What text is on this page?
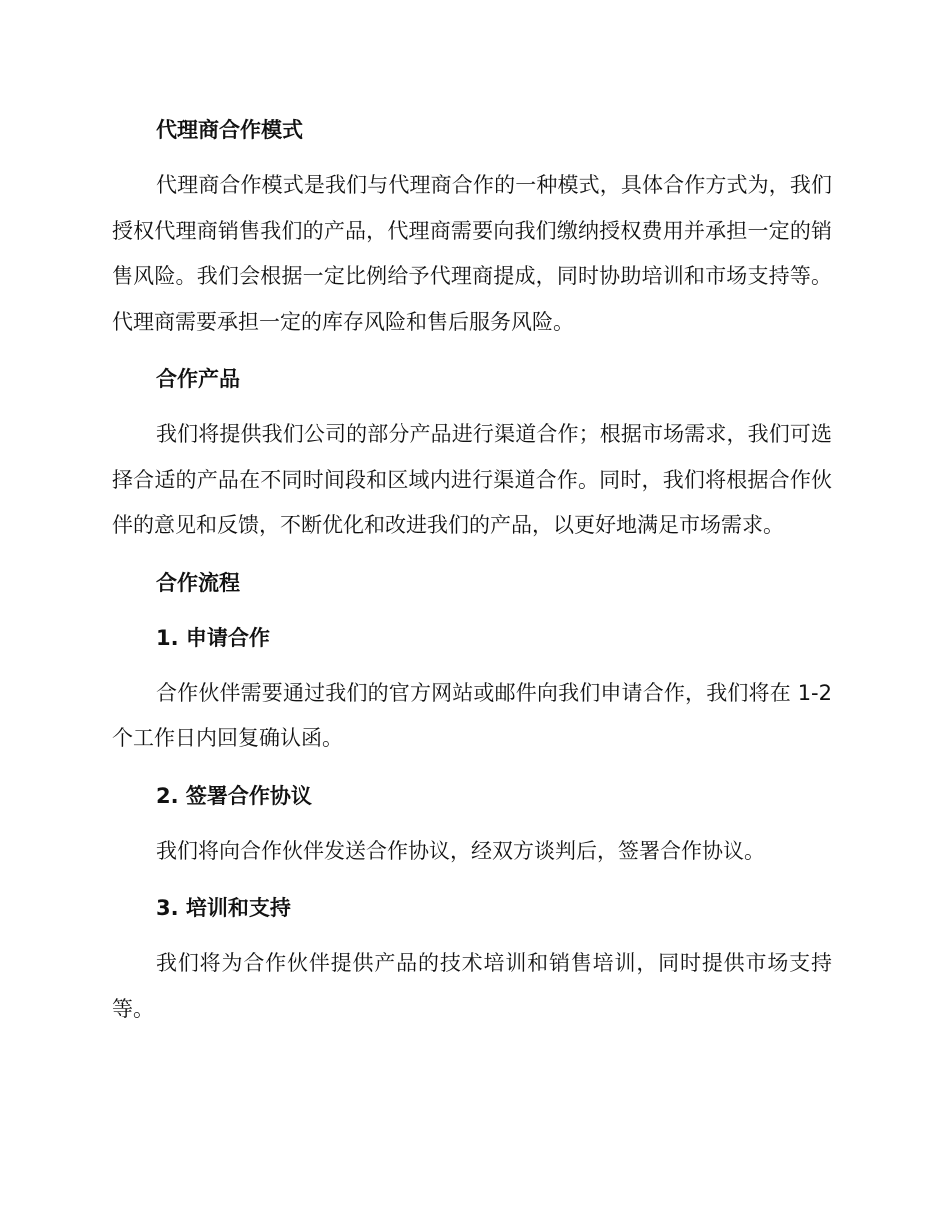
代理商合作模式

代理商合作模式是我们与代理商合作的一种模式，具体合作方式为，我们授权代理商销售我们的产品，代理商需要向我们缴纳授权费用并承担一定的销售风险。我们会根据一定比例给予代理商提成，同时协助培训和市场支持等。代理商需要承担一定的库存风险和售后服务风险。

合作产品

我们将提供我们公司的部分产品进行渠道合作；根据市场需求，我们可选择合适的产品在不同时间段和区域内进行渠道合作。同时，我们将根据合作伙伴的意见和反馈，不断优化和改进我们的产品，以更好地满足市场需求。

合作流程
1. 申请合作

合作伙伴需要通过我们的官方网站或邮件向我们申请合作，我们将在 1-2 个工作日内回复确认函。

2. 签署合作协议

我们将向合作伙伴发送合作协议，经双方谈判后，签署合作协议。

3. 培训和支持

我们将为合作伙伴提供产品的技术培训和销售培训，同时提供市场支持等。
